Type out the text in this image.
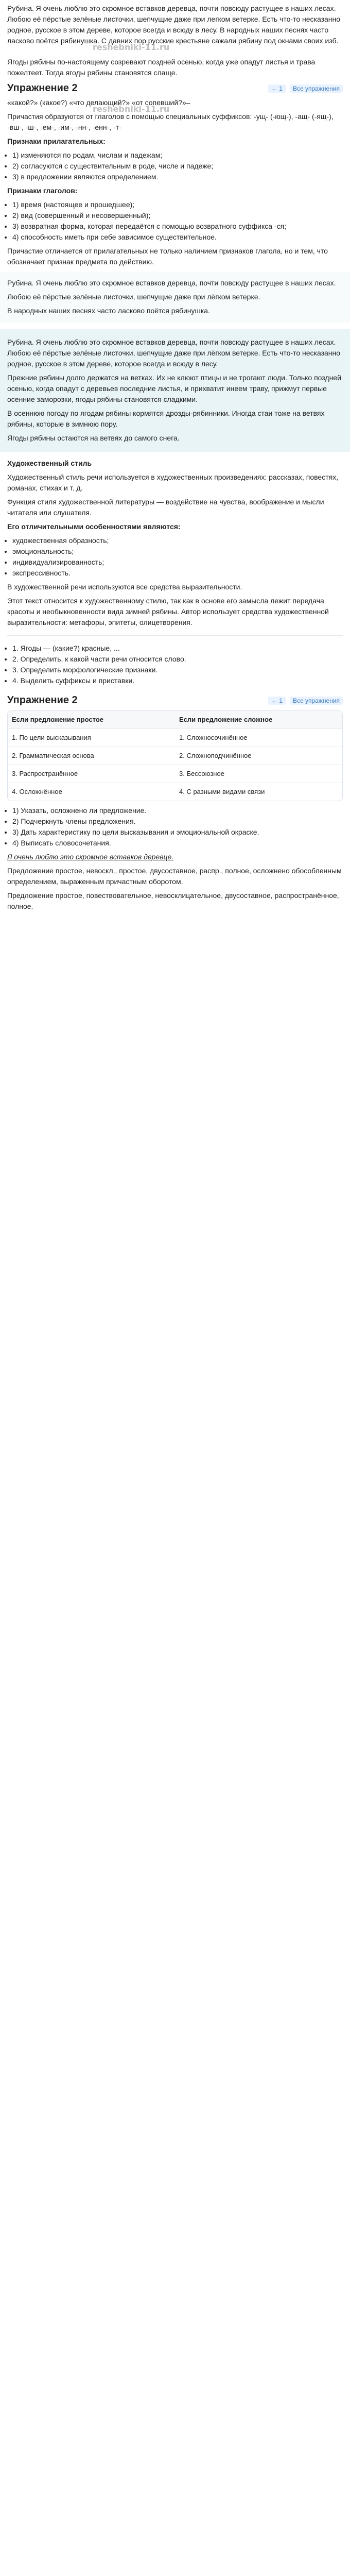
Рубина. Я очень люблю это скромное вставков деревца, почти повсюду растущее в наших лесах. Любою её пёрстые зелёные листочки, шепчущие даже при легком ветерке. Есть что-то несказанно родное, русское в этом дереве, которое всегда и всюду в лесу. В народных наших песнях часто ласково поётся рябинушка. С давних пор русские крестьяне сажали рябину под окнами своих изб.

reshebniki-11.ru

Ягоды рябины по-настоящему созревают поздней осенью, когда уже опадут листья и трава пожелтеет. Тогда ягоды рябины становятся слаще.

Упражнение 2	← 1	Все упражнения

«какой?» (какое?) «что делающий?» «от сопевший?»–

reshebniki-11.ru

Причастия образуются от глаголов с помощью специальных суффиксов: -ущ- (-ющ-), -ащ- (-ящ-), -вш-, -ш-, -ем-, -им-, -нн-, -енн-, -т-

Признаки прилагательных:

• 1) изменяются по родам, числам и падежам;
• 2) согласуются с существительным в роде, числе и падеже;
• 3) в предложении являются определением.

Признаки глаголов:

• 1) время (настоящее и прошедшее);
• 2) вид (совершенный и несовершенный);
• 3) возвратная форма, которая передаётся с помощью возвратного суффикса -ся;
• 4) способность иметь при себе зависимое существительное.

Причастие отличается от прилагательных не только наличием признаков глагола, но и тем, что обозначает признак предмета по действию.

Рубина. Я очень люблю это скромное вставков деревца, почти повсюду растущее в наших лесах.

Любою её пёрстые зелёные листочки, шепчущие даже при лёгком ветерке.

В народных наших песнях часто ласково поётся рябинушка.

Рубина. Я очень люблю это скромное вставков деревца, почти повсюду растущее в наших лесах. Любою её пёрстые зелёные листочки, шепчущие даже при лёгком ветерке. Есть что-то несказанно родное, русское в этом дереве, которое всегда и всюду в лесу.

Прежние рябины долго держатся на ветках. Их не клюют птицы и не трогают люди. Только поздней осенью, когда опадут с деревьев последние листья, и прихватит инеем траву, прижмут первые осенние заморозки, ягоды рябины становятся сладкими.

В осеннюю погоду по ягодам рябины кормятся дрозды-рябинники. Иногда стаи тоже на ветвях рябины, которые в зимнюю пору.

Ягоды рябины остаются на ветвях до самого снега.

Художественный стиль

Художественный стиль речи используется в художественных произведениях: рассказах, повестях, романах, стихах и т. д.

Функция стиля художественной литературы — воздействие на чувства, воображение и мысли читателя или слушателя.

Его отличительными особенностями являются:

• художественная образность;
• эмоциональность;
• индивидуализированность;
• экспрессивность.

В художественной речи используются все средства выразительности.

Этот текст относится к художественному стилю, так как в основе его замысла лежит передача красоты и необыкновенности вида зимней рябины. Автор использует средства художественной выразительности: метафоры, эпитеты, олицетворения.

• 1. Ягоды — (какие?) красные, ...
• 2. Определить, к какой части речи относится слово.
• 3. Определить морфологические признаки.
• 4. Выделить суффиксы и приставки.
Упражнение 2	← 1	Все упражнения
Если предложение простое	Если предложение сложное
1. По цели высказывания	1. Сложносочинённое
2. Грамматическая основа	2. Сложноподчинённое
3. Распространённое	3. Бессоюзное
4. Осложнённое	4. С разными видами связи
• 1) Указать, осложнено ли предложение.
• 2) Подчеркнуть члены предложения.
• 3) Дать характеристику по цели высказывания и эмоциональной окраске.
• 4) Выписать словосочетания.

Я очень люблю это скромное вставков деревце.

Предложение простое, невоскл., простое, двусоставное, распр., полное, осложнено обособленным определением, выраженным причастным оборотом.

Предложение простое, повествовательное, невосклицательное, двусоставное, распространённое, полное.
